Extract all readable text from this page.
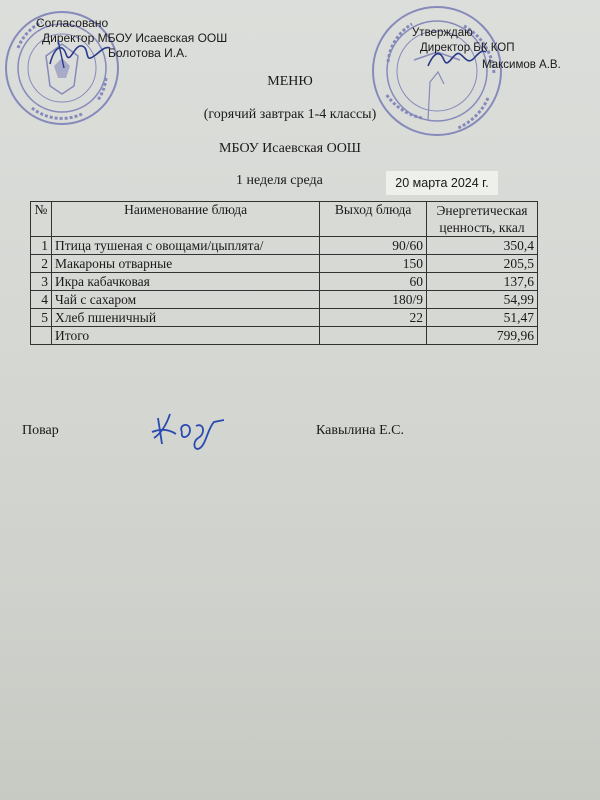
Согласовано
Директор МБОУ Исаевская ООШ
Болотова И.А.
Утверждаю
Директор БК КОП
Максимов А.В.
МЕНЮ
(горячий завтрак 1-4 классы)
МБОУ Исаевская ООШ
1 неделя среда	20 марта 2024 г.
№	Наименование блюда	Выход блюда	Энергетическая
ценность, ккал
1	Птица тушеная с овощами/цыплята/	90/60	350,4
2	Макароны отварные	150	205,5
3	Икра кабачковая	60	137,6
4	Чай с сахаром	180/9	54,99
5	Хлеб пшеничный	22	51,47
	Итого		799,96
Повар	Кавылина Е.С.
